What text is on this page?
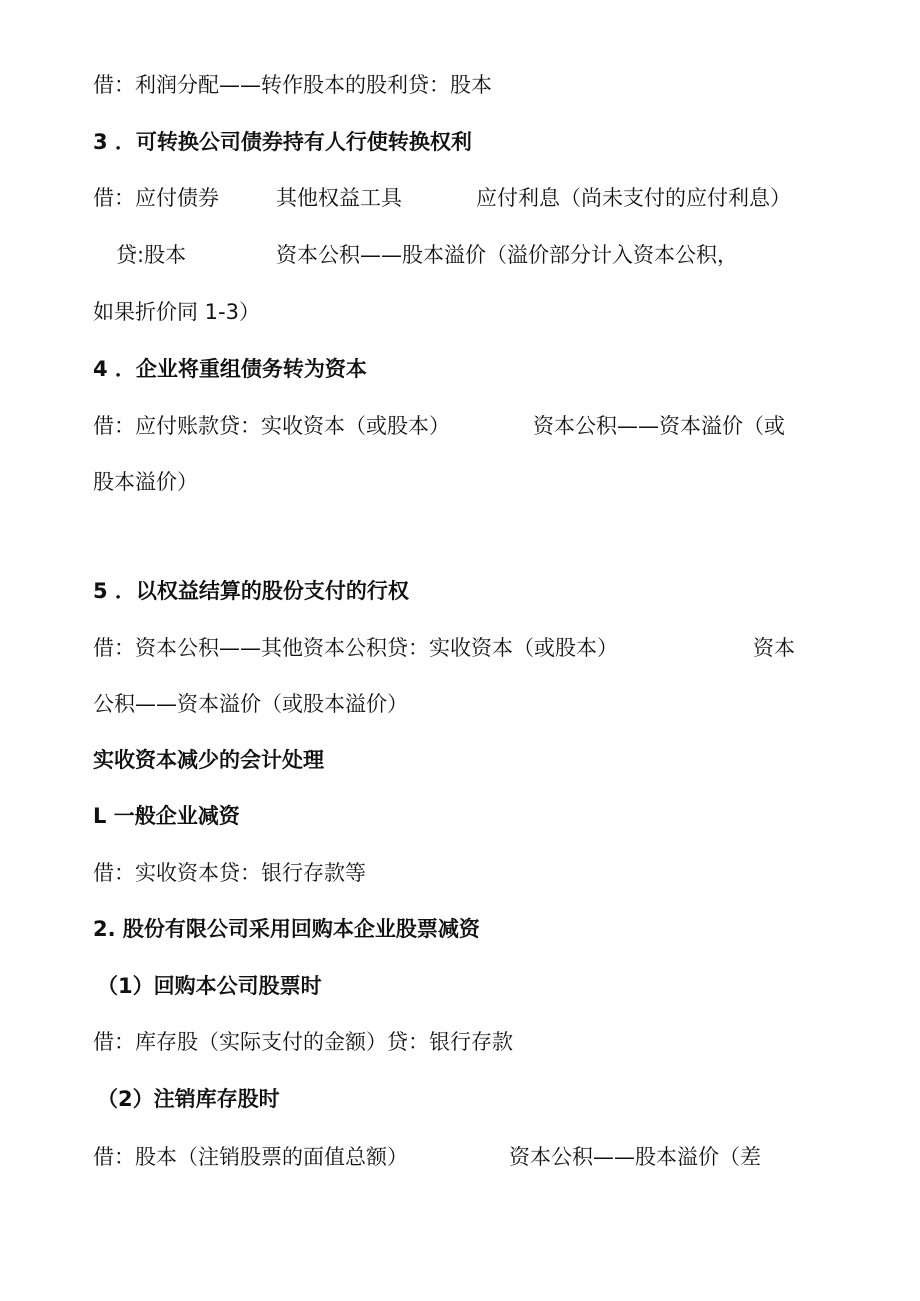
借：利润分配——转作股本的股利贷：股本
3 ．可转换公司债券持有人行使转换权利
借：应付债券	其他权益工具	应付利息（尚未支付的应付利息）
贷:股本	资本公积——股本溢价（溢价部分计入资本公积，
如果折价同 1-3）
4 ．企业将重组债务转为资本
借：应付账款贷：实收资本（或股本）	资本公积——资本溢价（或
股本溢价）
5 ．以权益结算的股份支付的行权
借：资本公积——其他资本公积贷：实收资本（或股本）	资本
公积——资本溢价（或股本溢价）
实收资本减少的会计处理
L 一般企业减资
借：实收资本贷：银行存款等
2. 股份有限公司采用回购本企业股票减资
（1）回购本公司股票时
借：库存股（实际支付的金额）贷：银行存款
（2）注销库存股时
借：股本（注销股票的面值总额）	资本公积——股本溢价（差
